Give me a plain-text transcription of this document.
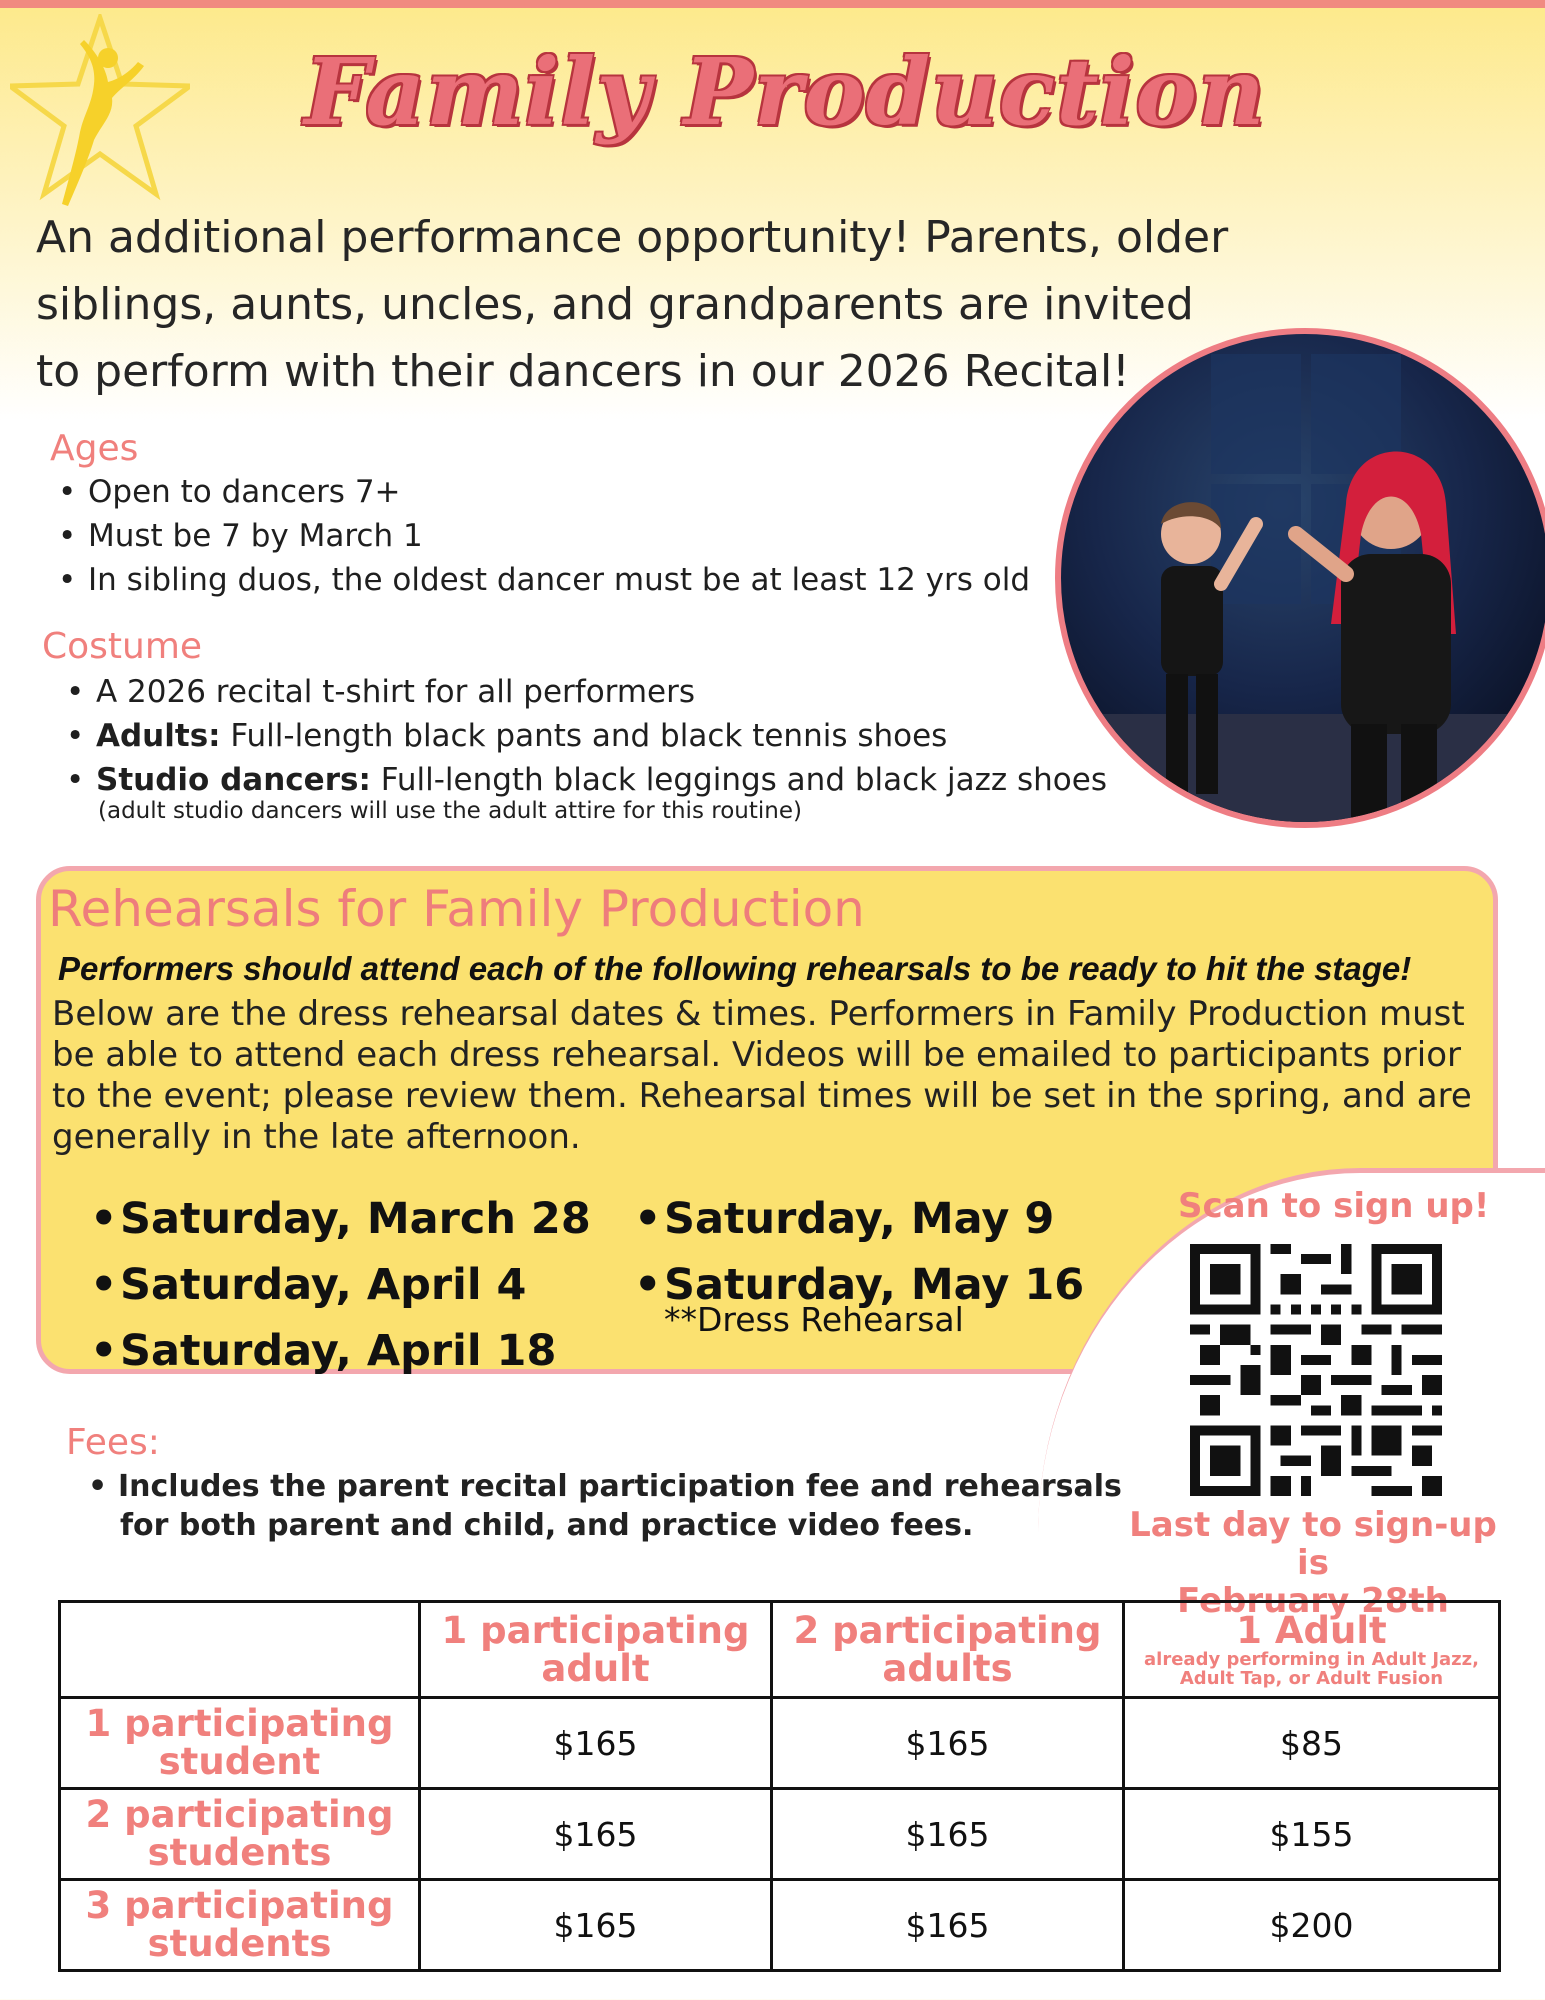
Family Production
An additional performance opportunity! Parents, older
siblings, aunts, uncles, and grandparents are invited
to perform with their dancers in our 2026 Recital!
Ages
• Open to dancers 7+
• Must be 7 by March 1
• In sibling duos, the oldest dancer must be at least 12 yrs old
Costume
• A 2026 recital t-shirt for all performers
• Adults: Full-length black pants and black tennis shoes
• Studio dancers: Full-length black leggings and black jazz shoes
(adult studio dancers will use the adult attire for this routine)
Rehearsals for Family Production
Performers should attend each of the following rehearsals to be ready to hit the stage!
Below are the dress rehearsal dates & times. Performers in Family Production must
be able to attend each dress rehearsal. Videos will be emailed to participants prior
to the event; please review them. Rehearsal times will be set in the spring, and are
generally in the late afternoon.
• Saturday, March 28
• Saturday, April 4
• Saturday, April 18
• Saturday, May 9
• Saturday, May 16
**Dress Rehearsal
Scan to sign up!
Last day to sign-up is
February 28th
Fees:
• Includes the parent recital participation fee and rehearsals
for both parent and child, and practice video fees.
	1 participating adult	2 participating adults	1 Adult
already performing in Adult Jazz, Adult Tap, or Adult Fusion

1 participating student	$165	$165	$85
2 participating students	$165	$165	$155
3 participating students	$165	$165	$200
